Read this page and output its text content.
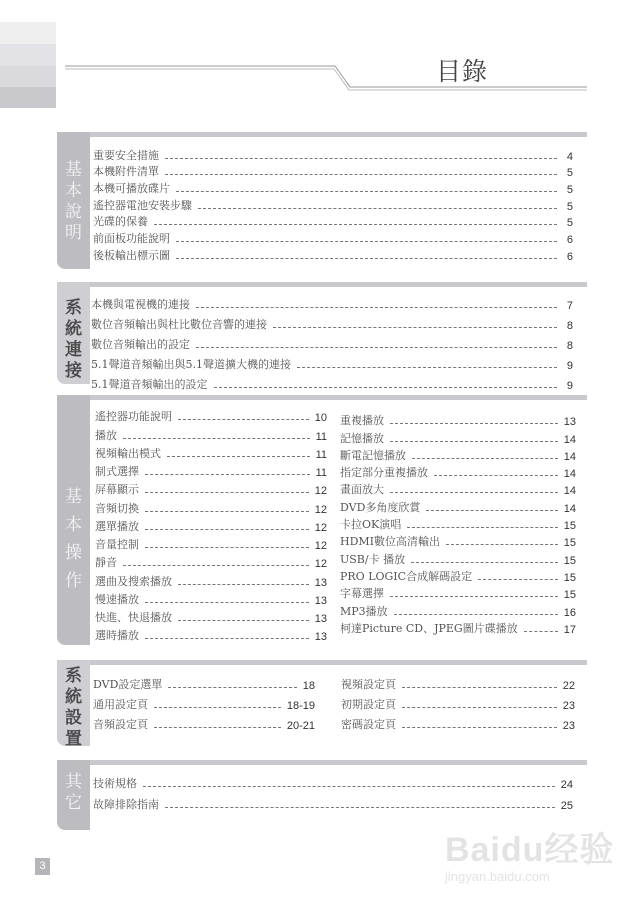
目錄
基
本
說
明
重要安全措施	4
本機附件清單	5
本機可播放碟片	5
遙控器電池安裝步驟	5
光碟的保養	5
前面板功能說明	6
後板輸出標示圖	6
系
統
連
接
本機與電視機的連接	7
數位音頻輸出與杜比數位音響的連接	8
數位音頻輸出的設定	8
5.1聲道音頻輸出與5.1聲道擴大機的連接	9
5.1聲道音頻輸出的設定	9
基
本
操
作
遙控器功能說明	10
播放	11
視頻輸出模式	11
制式選擇	11
屏幕顯示	12
音頻切換	12
選單播放	12
音量控制	12
靜音	12
選曲及搜索播放	13
慢速播放	13
快進、快退播放	13
選時播放	13
重複播放	13
記憶播放	14
斷電記憶播放	14
指定部分重複播放	14
畫面放大	14
DVD多角度欣賞	14
卡拉OK演唱	15
HDMI數位高清輸出	15
USB/卡 播放	15
PRO LOGIC合成解碼設定	15
字幕選擇	15
MP3播放	16
柯達Picture CD、JPEG圖片碟播放	17
系
統
設
置
DVD設定選單	18
通用設定頁	18-19
音頻設定頁	20-21
視頻設定頁	22
初期設定頁	23
密碼設定頁	23
其
它
技術規格	24
故障排除指南	25
3	Baidu经验
jingyan.baidu.com
